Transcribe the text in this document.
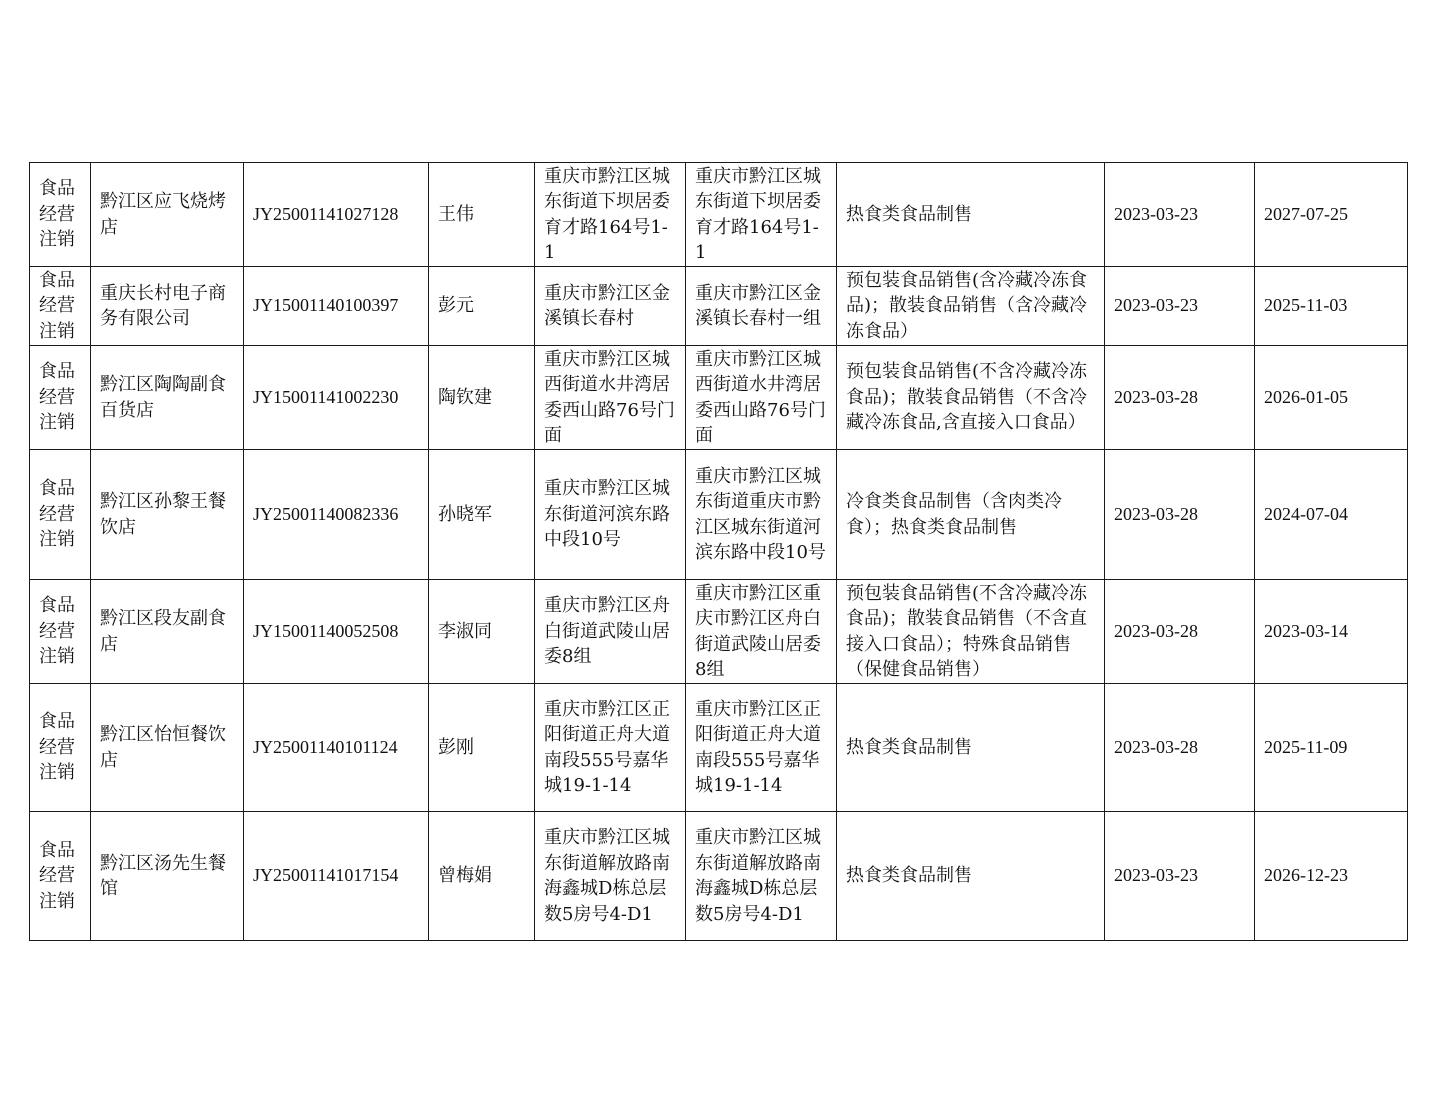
食品经营注销	黔江区应飞烧烤店	JY25001141027128	王伟	重庆市黔江区城东街道下坝居委育才路164号1-1	重庆市黔江区城东街道下坝居委育才路164号1-1	热食类食品制售	2023-03-23	2027-07-25
食品经营注销	重庆长村电子商务有限公司	JY15001140100397	彭元	重庆市黔江区金溪镇长春村	重庆市黔江区金溪镇长春村一组	预包装食品销售(含冷藏冷冻食品)；散装食品销售（含冷藏冷冻食品）	2023-03-23	2025-11-03
食品经营注销	黔江区陶陶副食百货店	JY15001141002230	陶钦建	重庆市黔江区城西街道水井湾居委西山路76号门面	重庆市黔江区城西街道水井湾居委西山路76号门面	预包装食品销售(不含冷藏冷冻食品)；散装食品销售（不含冷藏冷冻食品,含直接入口食品）	2023-03-28	2026-01-05
食品经营注销	黔江区孙黎王餐饮店	JY25001140082336	孙晓军	重庆市黔江区城东街道河滨东路中段10号	重庆市黔江区城东街道重庆市黔江区城东街道河滨东路中段10号	冷食类食品制售（含肉类冷食）；热食类食品制售	2023-03-28	2024-07-04
食品经营注销	黔江区段友副食店	JY15001140052508	李淑同	重庆市黔江区舟白街道武陵山居委8组	重庆市黔江区重庆市黔江区舟白街道武陵山居委8组	预包装食品销售(不含冷藏冷冻食品)；散装食品销售（不含直接入口食品）；特殊食品销售（保健食品销售）	2023-03-28	2023-03-14
食品经营注销	黔江区怡恒餐饮店	JY25001140101124	彭刚	重庆市黔江区正阳街道正舟大道南段555号嘉华城19-1-14	重庆市黔江区正阳街道正舟大道南段555号嘉华城19-1-14	热食类食品制售	2023-03-28	2025-11-09
食品经营注销	黔江区汤先生餐馆	JY25001141017154	曾梅娟	重庆市黔江区城东街道解放路南海鑫城D栋总层数5房号4-D1	重庆市黔江区城东街道解放路南海鑫城D栋总层数5房号4-D1	热食类食品制售	2023-03-23	2026-12-23
